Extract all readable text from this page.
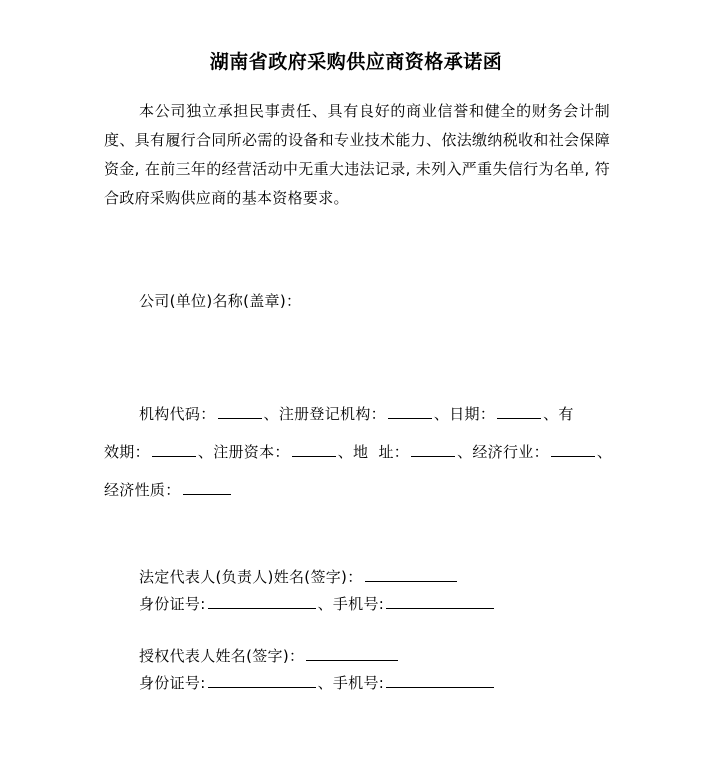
湖南省政府采购供应商资格承诺函
本公司独立承担民事责任、具有良好的商业信誉和健全的财务会计制度、具有履行合同所必需的设备和专业技术能力、依法缴纳税收和社会保障资金, 在前三年的经营活动中无重大违法记录, 未列入严重失信行为名单, 符合政府采购供应商的基本资格要求。
公司(单位)名称(盖章)：
机构代码：	、注册登记机构：	、日期：	、有
效期：	、注册资本：	、地  址：	、经济行业：	、
经济性质：
法定代表人(负责人)姓名(签字)：
身份证号:	、手机号:
授权代表人姓名(签字)：
身份证号:	、手机号:
